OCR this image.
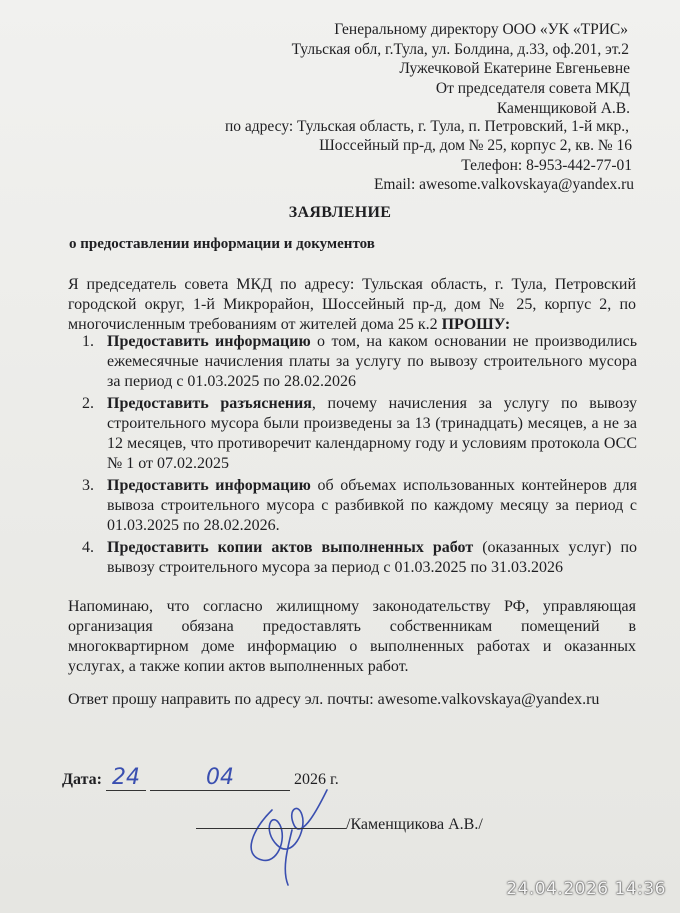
Генеральному директору ООО «УК «ТРИС»
Тульская обл, г.Тула, ул. Болдина, д.33, оф.201, эт.2
Лужечковой Екатерине Евгеньевне
От председателя совета МКД
Каменщиковой А.В.
по адресу: Тульская область, г. Тула, п. Петровский, 1-й мкр.,
Шоссейный пр-д, дом № 25, корпус 2, кв. № 16
Телефон: 8-953-442-77-01
Email: awesome.valkovskaya@yandex.ru
ЗАЯВЛЕНИЕ
о предоставлении информации и документов
Я председатель совета МКД по адресу: Тульская область, г. Тула, Петровский городской округ, 1-й Микрорайон, Шоссейный пр-д, дом № 25, корпус 2, по многочисленным требованиям от жителей дома 25 к.2 ПРОШУ:
1. Предоставить информацию о том, на каком основании не производились ежемесячные начисления платы за услугу по вывозу строительного мусора за период с 01.03.2025 по 28.02.2026
2. Предоставить разъяснения, почему начисления за услугу по вывозу строительного мусора были произведены за 13 (тринадцать) месяцев, а не за 12 месяцев, что противоречит календарному году и условиям протокола ОСС № 1 от 07.02.2025
3. Предоставить информацию об объемах использованных контейнеров для вывоза строительного мусора с разбивкой по каждому месяцу за период с 01.03.2025 по 28.02.2026.
4. Предоставить копии актов выполненных работ (оказанных услуг) по вывозу строительного мусора за период с 01.03.2025 по 31.03.2026
Напоминаю, что согласно жилищному законодательству РФ, управляющая организация обязана предоставлять собственникам помещений в многоквартирном доме информацию о выполненных работах и оказанных услугах, а также копии актов выполненных работ.
Ответ прошу направить по адресу эл. почты: awesome.valkovskaya@yandex.ru
Дата: 24	04	2026 г.
/Каменщикова А.В./
24.04.2026 14:36
